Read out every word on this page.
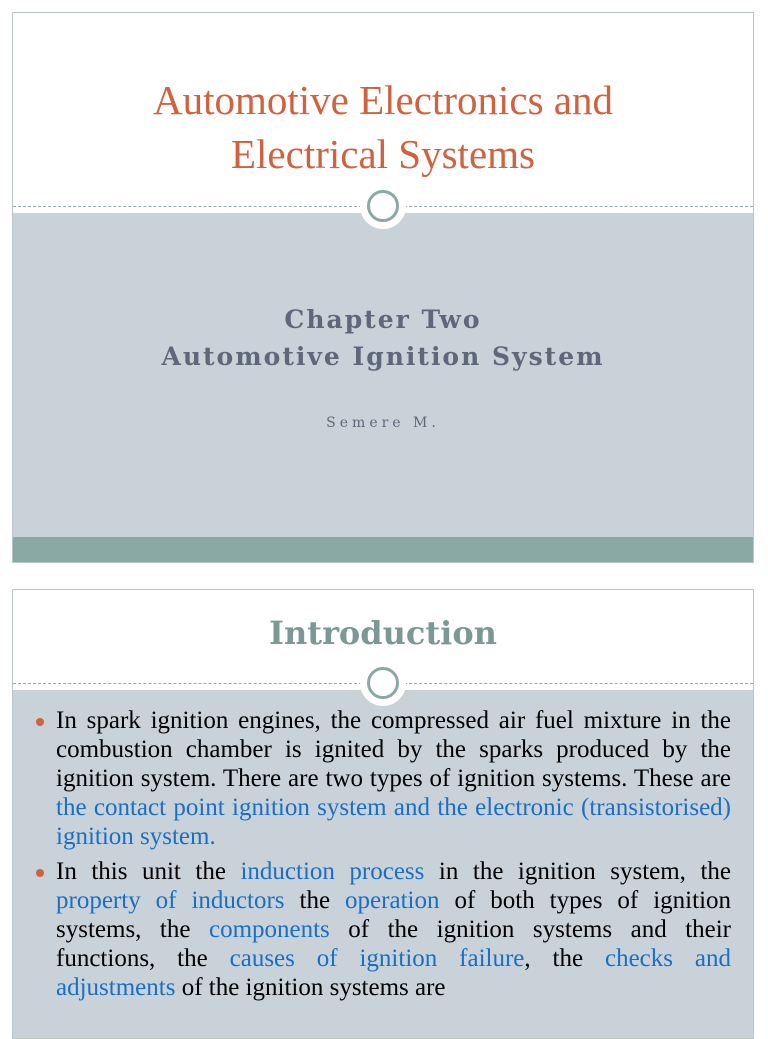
Automotive Electronics and
Electrical Systems
Chapter Two
Automotive Ignition System
Semere M.
Introduction
In spark ignition engines, the compressed air fuel mixture in the combustion chamber is ignited by the sparks produced by the ignition system. There are two types of ignition systems. These are the contact point ignition system and the electronic (transistorised) ignition system.
In this unit the induction process in the ignition system, the property of inductors the operation of both types of ignition systems, the components of the ignition systems and their functions, the causes of ignition failure, the checks and adjustments of the ignition systems are
